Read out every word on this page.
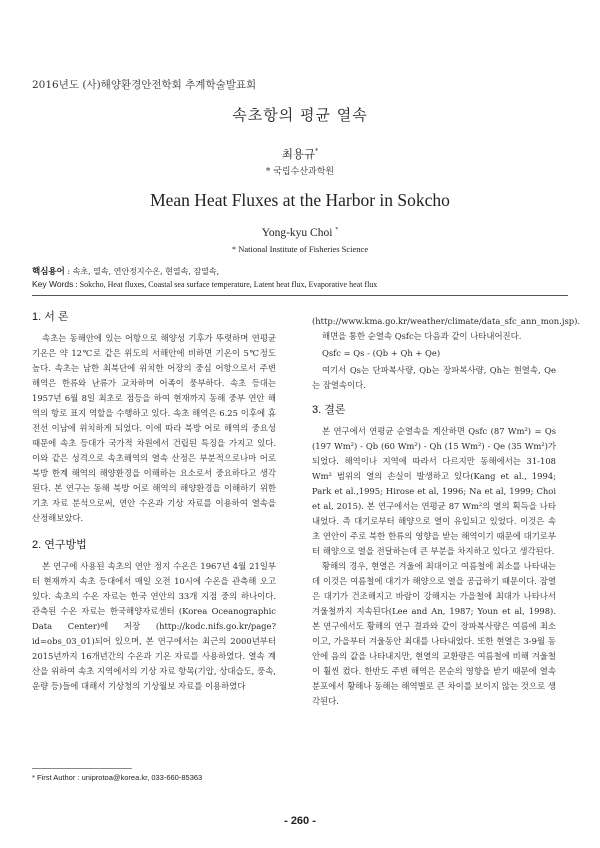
2016년도 (사)해양환경안전학회 추계학술발표회
속초항의 평균 열속
최용규*
* 국립수산과학원
Mean Heat Fluxes at the Harbor in Sokcho
Yong-kyu Choi *
* National Institute of Fisheries Science
핵심용어 : 속초, 열속, 연안정지수온, 현열속, 잠열속,
Key Words : Sokcho, Heat fluxes, Coastal sea surface temperature, Latent heat flux, Evaporative heat flux
1. 서 론

속초는 동해안에 있는 어항으로 해양성 기후가 뚜렷하며 연평균 기온은 약 12℃로 같은 위도의 서해안에 비하면 기온이 5℃정도 높다. 속초는 남한 최북단에 위치한 어장의 중심 어항으로서 주변 해역은 한류와 난류가 교차하며 어족이 풍부하다. 속초 등대는 1957년 6월 8일 최초로 점등을 하여 현재까지 동해 중부 연안 해역의 항로 표지 역할을 수행하고 있다. 속초 해역은 6.25 이후에 휴전선 이남에 위치하게 되었다. 이에 따라 북방 어로 해역의 중요성 때문에 속초 등대가 국가적 차원에서 건립된 특징을 가지고 있다. 이와 같은 성격으로 속초해역의 열속 산정은 부분적으로나마 어로 북방 한계 해역의 해양환경을 이해하는 요소로서 중요하다고 생각된다. 본 연구는 동해 북방 어로 해역의 해양환경을 이해하기 위한 기초 자료 분석으로써, 연안 수온과 기상 자료를 이용하여 열속을 산정해보았다.

2. 연구방법

본 연구에 사용된 속초의 연안 정지 수온은 1967년 4월 21일부터 현재까지 속초 등대에서 매일 오전 10시에 수온을 관측해 오고 있다. 속초의 수온 자료는 한국 연안의 33개 지점 중의 하나이다. 관측된 수온 자료는 한국해양자료센터 (Korea Oceanographic Data Center)에 저장 (http://kodc.nifs.go.kr/page?id=obs_03_01)되어 있으며, 본 연구에서는 최근의 2000년부터 2015년까지 16개년간의 수온과 기온 자료를 사용하였다. 열속 계산을 위하여 속초 지역에서의 기상 자료 항목(기압, 상대습도, 풍속, 운량 등)들에 대해서 기상청의 기상월보 자료를 이용하였다

(http://www.kma.go.kr/weather/climate/data_sfc_ann_mon.jsp).

해면을 통한 순열속 Qsfc는 다음과 같이 나타내어진다.

Qsfc = Qs - (Qb + Qh + Qe)

여기서 Qs는 단파복사량, Qb는 장파복사량, Qh는 현열속, Qe는 잠열속이다.

3. 결론

본 연구에서 연평균 순열속을 계산하면 Qsfc (87 Wm²) = Qs (197 Wm²) - Qb (60 Wm²) - Qh (15 Wm²) - Qe (35 Wm²)가 되었다. 해역이나 지역에 따라서 다르지만 동해에서는 31-108 Wm² 범위의 열의 손실이 발생하고 있다(Kang et al., 1994; Park et al.,1995; Hirose et al, 1996; Na et al, 1999; Choi et al, 2015). 본 연구에서는 연평균 87 Wm²의 열의 획득을 나타내었다. 즉 대기로부터 해양으로 열이 유입되고 있었다. 이것은 속초 연안이 주로 북한 한류의 영향을 받는 해역이기 때문에 대기로부터 해양으로 열을 전달하는데 큰 부분을 차지하고 있다고 생각된다.

황해의 경우, 현열은 겨울에 최대이고 여름철에 최소를 나타내는데 이것은 여름철에 대기가 해양으로 열을 공급하기 때문이다. 잠열은 대기가 건조해지고 바람이 강해지는 가을철에 최대가 나타나서 겨울철까지 지속된다(Lee and An, 1987; Youn et al, 1998). 본 연구에서도 황해의 연구 결과와 같이 장파복사량은 여름에 최소이고, 가을부터 겨울동안 최대를 나타내었다. 또한 현열은 3-9월 동안에 음의 값을 나타내지만, 현열의 교환량은 여름철에 비해 겨울철이 훨씬 컸다. 한반도 주변 해역은 몬순의 영향을 받기 때문에 열속 분포에서 황해나 동해는 해역별로 큰 차이를 보이지 않는 것으로 생각된다.

* First Author : uniprotoa@korea.kr, 033-660-85363
- 260 -
